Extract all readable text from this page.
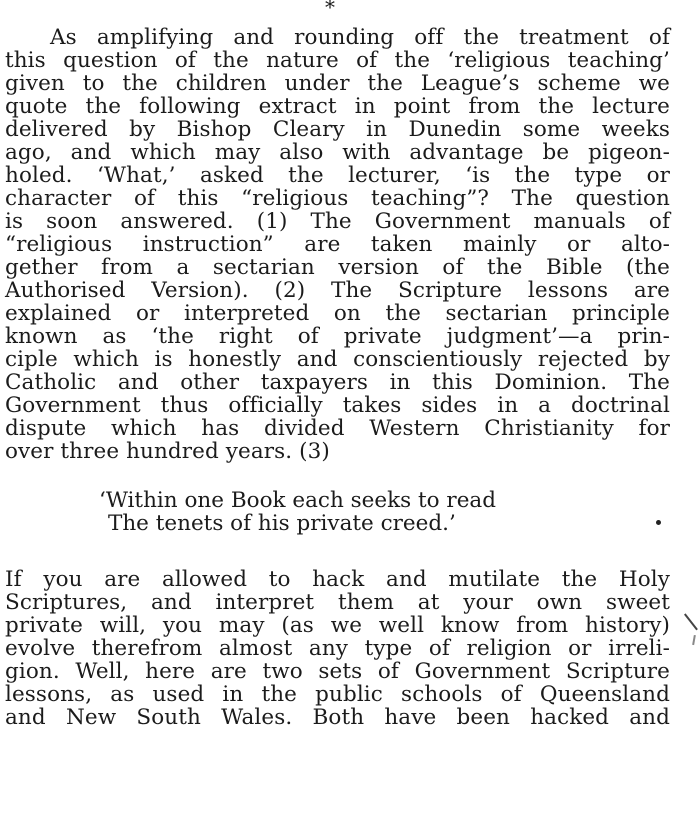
*
As amplifying and rounding off the treatment of
this question of the nature of the ‘religious teaching’
given to the children under the League’s scheme we
quote the following extract in point from the lecture
delivered by Bishop Cleary in Dunedin some weeks
ago, and which may also with advantage be pigeon-
holed. ‘What,’ asked the lecturer, ‘is the type or
character of this “religious teaching”? The question
is soon answered. (1) The Government manuals of
“religious instruction” are taken mainly or alto-
gether from a sectarian version of the Bible (the
Authorised Version). (2) The Scripture lessons are
explained or interpreted on the sectarian principle
known as ‘the right of private judgment’—a prin-
ciple which is honestly and conscientiously rejected by
Catholic and other taxpayers in this Dominion. The
Government thus officially takes sides in a doctrinal
dispute which has divided Western Christianity for
over three hundred years. (3)
‘Within one Book each seeks to read
The tenets of his private creed.’
If you are allowed to hack and mutilate the Holy
Scriptures, and interpret them at your own sweet
private will, you may (as we well know from history)
evolve therefrom almost any type of religion or irreli-
gion. Well, here are two sets of Government Scripture
lessons, as used in the public schools of Queensland
and New South Wales. Both have been hacked and
